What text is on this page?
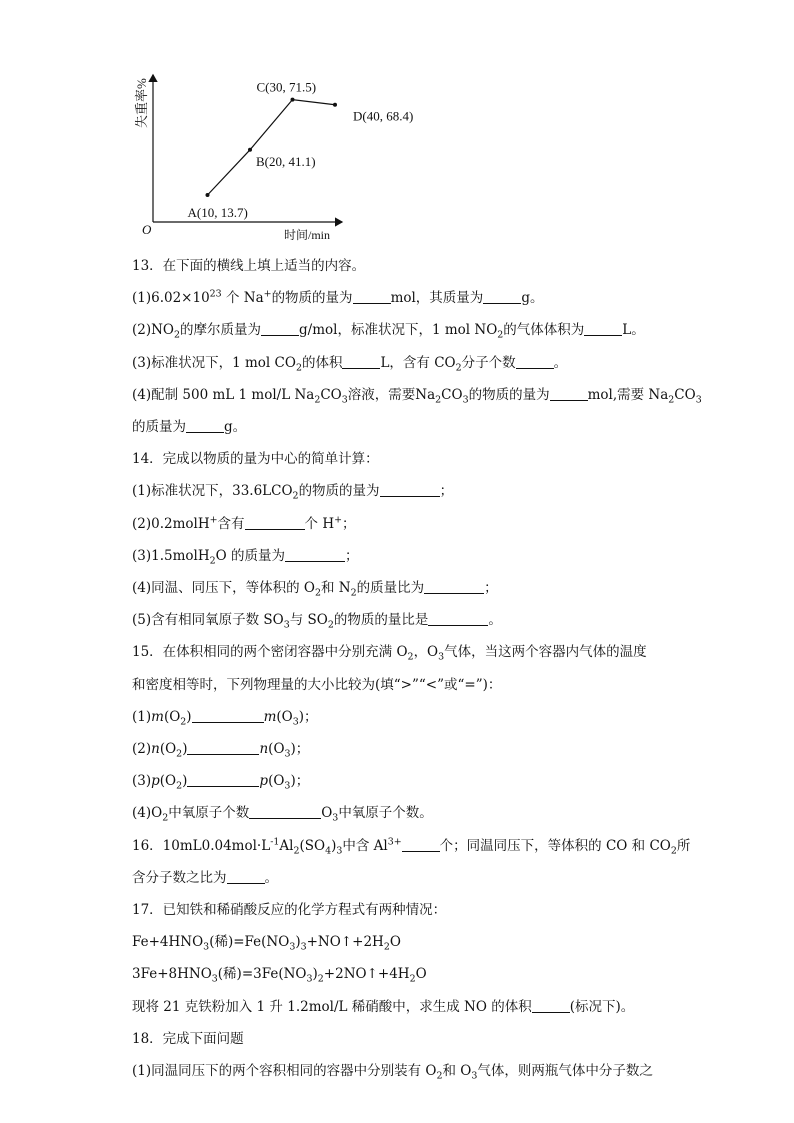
失重率%
时间/min
O
A(10, 13.7)
B(20, 41.1)
C(30, 71.5)
D(40, 68.4)
13．在下面的横线上填上适当的内容。
$(1)6.02\times 10^{23}$ 个 Na+的物质的量为	mol，其质量为	g。
$(2)NO_2$的摩尔质量为	g/mol，标准状况下，1 mol $NO_2$的气体体积为	L。
(3)标准状况下，1 mol $CO_2$的体积	L，含有 $CO_2$分子个数	。
(4)配制 500 mL 1 mol/L $Na_2CO_3$溶液，需要$Na_2CO_3$的物质的量为	mol,需要 $Na_2CO_3$
的质量为	g。
14．完成以物质的量为中心的简单计算：
(1)标准状况下，$33.6LCO_2$的物质的量为	；
(2)0.2molH+含有	个 H+；
(3)1.5molH$_2$O 的质量为	；
(4)同温、同压下，等体积的 $O_2$和 $N_2$的质量比为	；
(5)含有相同氧原子数 $SO_3$与 $SO_2$的物质的量比是	。
15．在体积相同的两个密闭容器中分别充满 $O_2$，$O_3$气体，当这两个容器内气体的温度
和密度相等时，下列物理量的大小比较为(填“>”“<”或“=”)：
$(1)m(O_2)$	$m(O_3)$；
$(2)n(O_2)$	$n(O_3)$；
$(3)p(O_2)$	$p(O_3)$；
$(4)O_2$中氧原子个数	$O_3$中氧原子个数。
16．$10mL0.04mol\cdot L^{-1}Al_2(SO_4)_3$中含 $Al^{3+}$	个；同温同压下，等体积的 CO 和 $CO_2$所
含分子数之比为	。
17．已知铁和稀硝酸反应的化学方程式有两种情况：
$Fe+4HNO_3$(稀)$=Fe(NO_3)_3+NO↑+2H_2O$
$3Fe+8HNO_3$(稀)$=3Fe(NO_3)_2+2NO↑+4H_2O$
现将 21 克铁粉加入 1 升 1.2mol/L 稀硝酸中，求生成 NO 的体积	(标况下)。
18．完成下面问题
(1)同温同压下的两个容积相同的容器中分别装有 $O_2$和 $O_3$气体，则两瓶气体中分子数之
